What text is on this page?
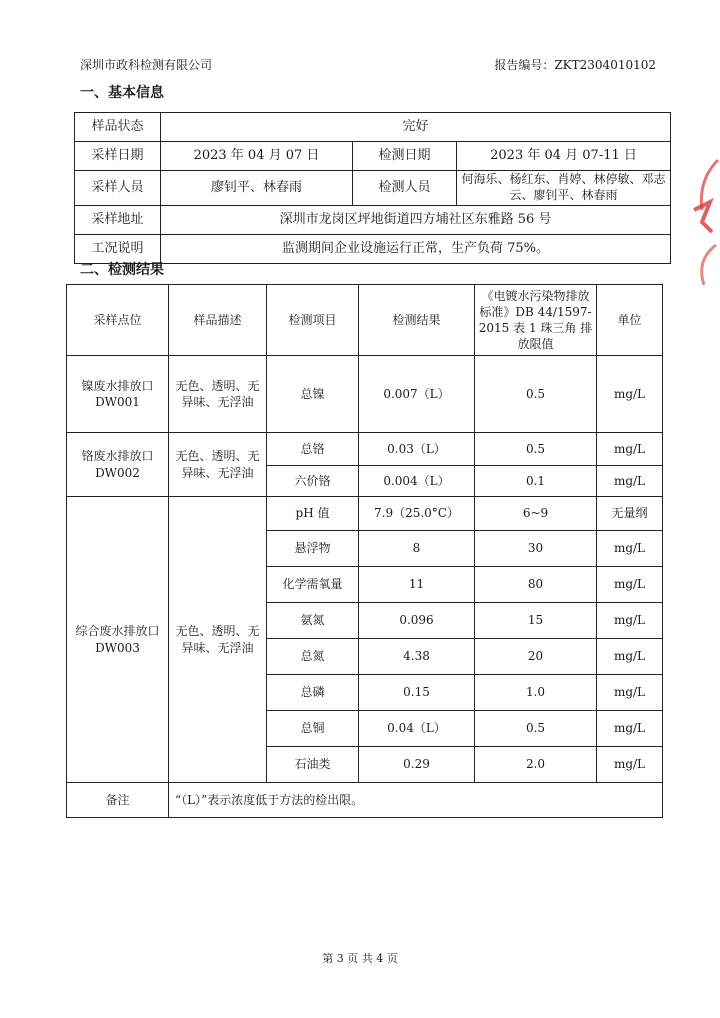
深圳市政科检测有限公司	报告编号：ZKT2304010102
一、基本信息
样品状态	完好		
采样日期	2023 年 04 月 07 日	检测日期	2023 年 04 月 07-11 日
采样人员	廖钊平、林春雨	检测人员	何海乐、杨红东、肖婷、林停敏、邓志云、廖钊平、林春雨
采样地址	深圳市龙岗区坪地街道四方埔社区东雅路 56 号		
工况说明	监测期间企业设施运行正常，生产负荷 75%。		
二、检测结果
采样点位	样品描述	检测项目	检测结果	《电镀水污染物排放标准》DB 44/1597-2015 表 1 珠三角 排放限值	单位
镍废水排放口 DW001	无色、透明、无异味、无浮油	总镍	0.007（L）	0.5	mg/L
铬废水排放口 DW002	无色、透明、无异味、无浮油	总铬	0.03（L）	0.5	mg/L
		六价铬	0.004（L）	0.1	mg/L
综合废水排放口 DW003	无色、透明、无异味、无浮油	pH 值	7.9（25.0°C）	6~9	无量纲
		悬浮物	8	30	mg/L
		化学需氧量	11	80	mg/L
		氨氮	0.096	15	mg/L
		总氮	4.38	20	mg/L
		总磷	0.15	1.0	mg/L
		总铜	0.04（L）	0.5	mg/L
		石油类	0.29	2.0	mg/L
备注	“（L）”表示浓度低于方法的检出限。				
第 3 页 共 4 页
